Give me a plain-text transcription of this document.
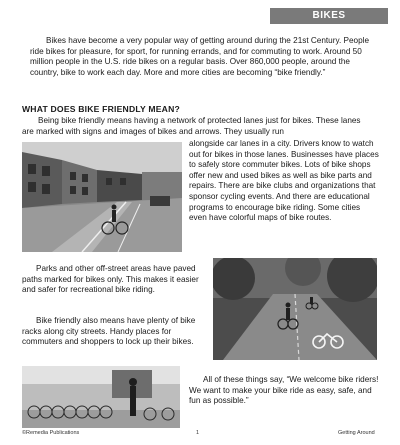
BIKES

Bikes have become a very popular way of getting around during the 21st Century. People ride bikes for pleasure, for sport, for running errands, and for commuting to work. Around 50 million people in the U.S. ride bikes on a regular basis. Over 860,000 people, around the country, bike to work each day. More and more cities are becoming “bike friendly.”

WHAT DOES BIKE FRIENDLY MEAN?

Being bike friendly means having a network of protected lanes just for bikes. These lanes are marked with signs and images of bikes and arrows. They usually run

alongside car lanes in a city. Drivers know to watch out for bikes in those lanes. Businesses have places to safely store commuter bikes. Lots of bike shops offer new and used bikes as well as bike parts and repairs. There are bike clubs and organizations that sponsor cycling events. And there are educational programs to encourage bike riding. Some cities even have colorful maps of bike routes.

Parks and other off-street areas have paved paths marked for bikes only. This makes it easier and safer for recreational bike riding.

Bike friendly also means have plenty of bike racks along city streets. Handy places for commuters and shoppers to lock up their bikes.

All of these things say, “We welcome bike riders! We want to make your bike ride as easy, safe, and fun as possible.”

©Remedia Publications	1	Getting Around
